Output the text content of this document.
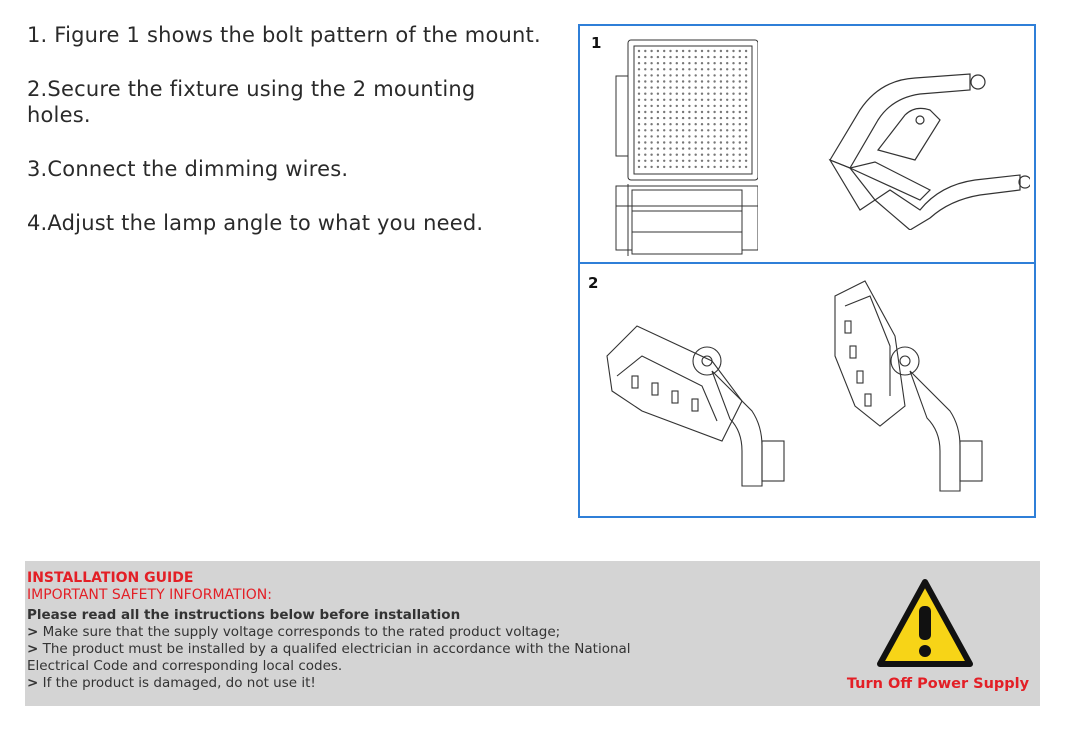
1. Figure 1 shows the bolt pattern of the mount.

2.Secure the fixture using the 2 mounting holes.

3.Connect the dimming wires.

4.Adjust the lamp angle to what you need.

1
2
INSTALLATION GUIDE
IMPORTANT SAFETY INFORMATION:
Please read all the instructions below before installation
> Make sure that the supply voltage corresponds to the rated product voltage;
> The product must be installed by a qualifed electrician in accordance with the National Electrical Code and corresponding local codes.
> If the product is damaged, do not use it!	Turn Off Power Supply
